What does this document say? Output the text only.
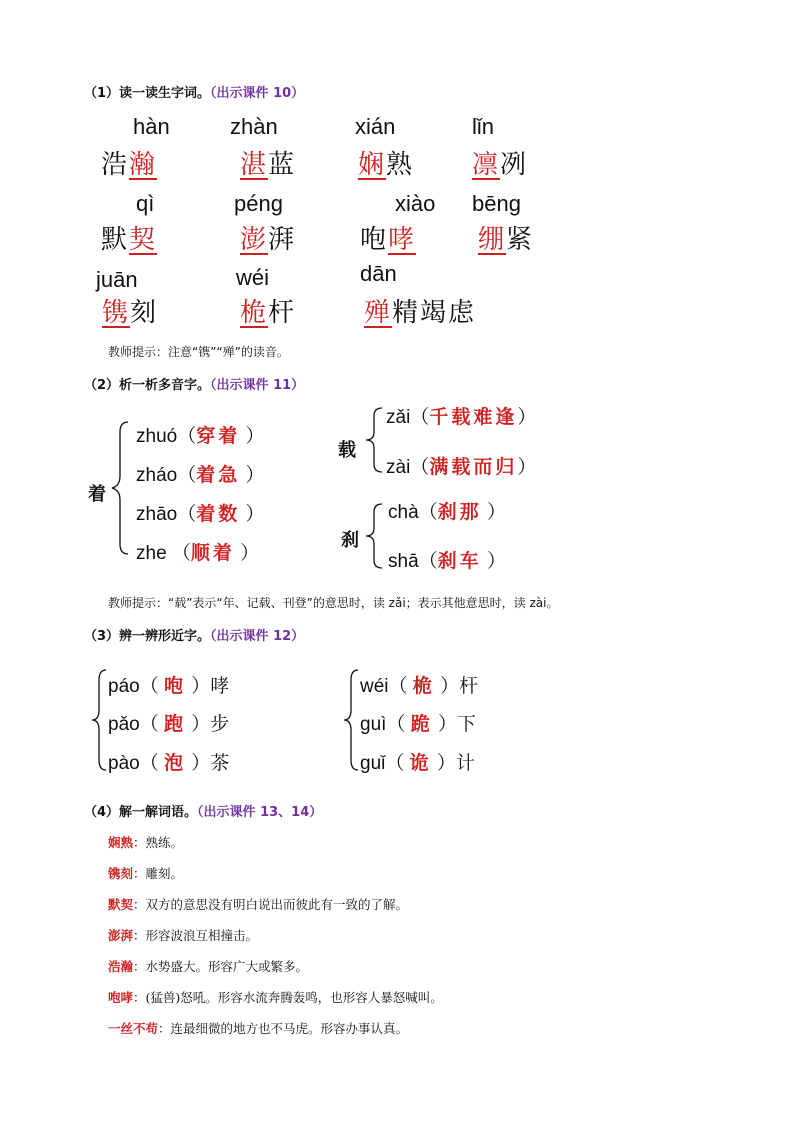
（1）读一读生字词。（出示课件 10）
hàn
浩瀚
zhàn
湛蓝
xián
娴熟
lǐn
凛冽
qì
默契
péng
澎湃
xiào
咆哮
bēng
绷紧
juān
镌刻
wéi
桅杆
dān
殚精竭虑
教师提示：注意“镌”“殚”的读音。
（2）析一析多音字。（出示课件 11）
着
zhuó（穿着 ）
zháo（着急 ）
zhāo（着数 ）
zhe （顺着 ）
载
zǎi（千载难逢）
zài（满载而归）
刹
chà（刹那 ）
shā（刹车 ）
教师提示：“载”表示“年、记载、刊登”的意思时，读 zǎi；表示其他意思时，读 zài。
（3）辨一辨形近字。（出示课件 12）
páo（ 咆 ）哮
pǎo（ 跑 ）步
pào（ 泡 ）茶
wéi（ 桅 ）杆
guì（ 跪 ）下
guǐ（ 诡 ）计
（4）解一解词语。（出示课件 13、14）
娴熟：熟练。
镌刻：雕刻。
默契：双方的意思没有明白说出而彼此有一致的了解。
澎湃：形容波浪互相撞击。
浩瀚：水势盛大。形容广大或繁多。
咆哮：(猛兽)怒吼。形容水流奔腾轰鸣，也形容人暴怒喊叫。
一丝不苟：连最细微的地方也不马虎。形容办事认真。
